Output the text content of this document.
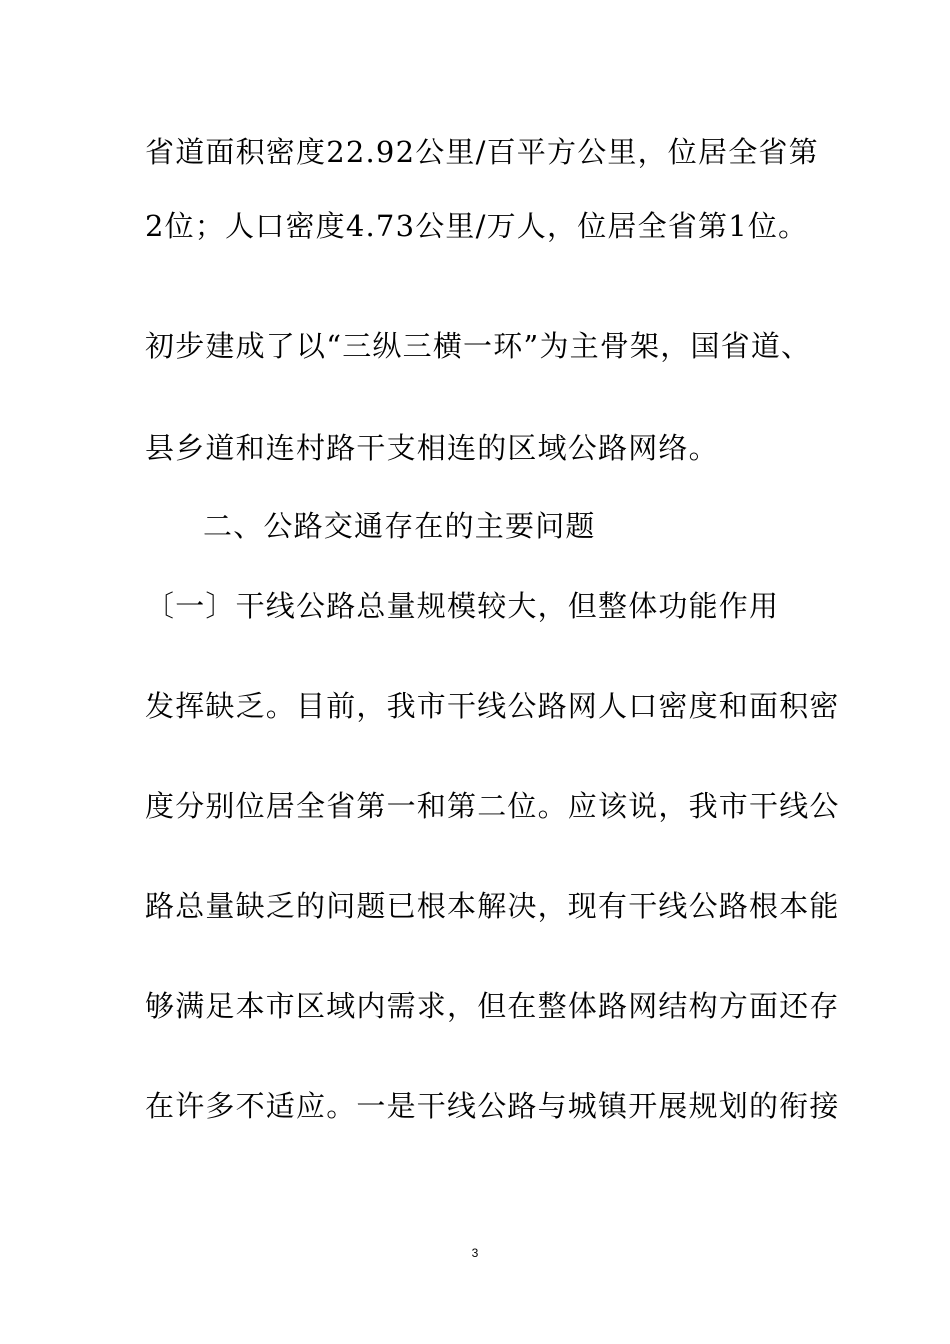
省道面积密度22.92公里/百平方公里，位居全省第
2位；人口密度4.73公里/万人，位居全省第1位。
初步建成了以“三纵三横一环”为主骨架，国省道、
县乡道和连村路干支相连的区域公路网络。
二、公路交通存在的主要问题
〔一〕干线公路总量规模较大，但整体功能作用
发挥缺乏。目前，我市干线公路网人口密度和面积密
度分别位居全省第一和第二位。应该说，我市干线公
路总量缺乏的问题已根本解决，现有干线公路根本能
够满足本市区域内需求，但在整体路网结构方面还存
在许多不适应。一是干线公路与城镇开展规划的衔接
3
